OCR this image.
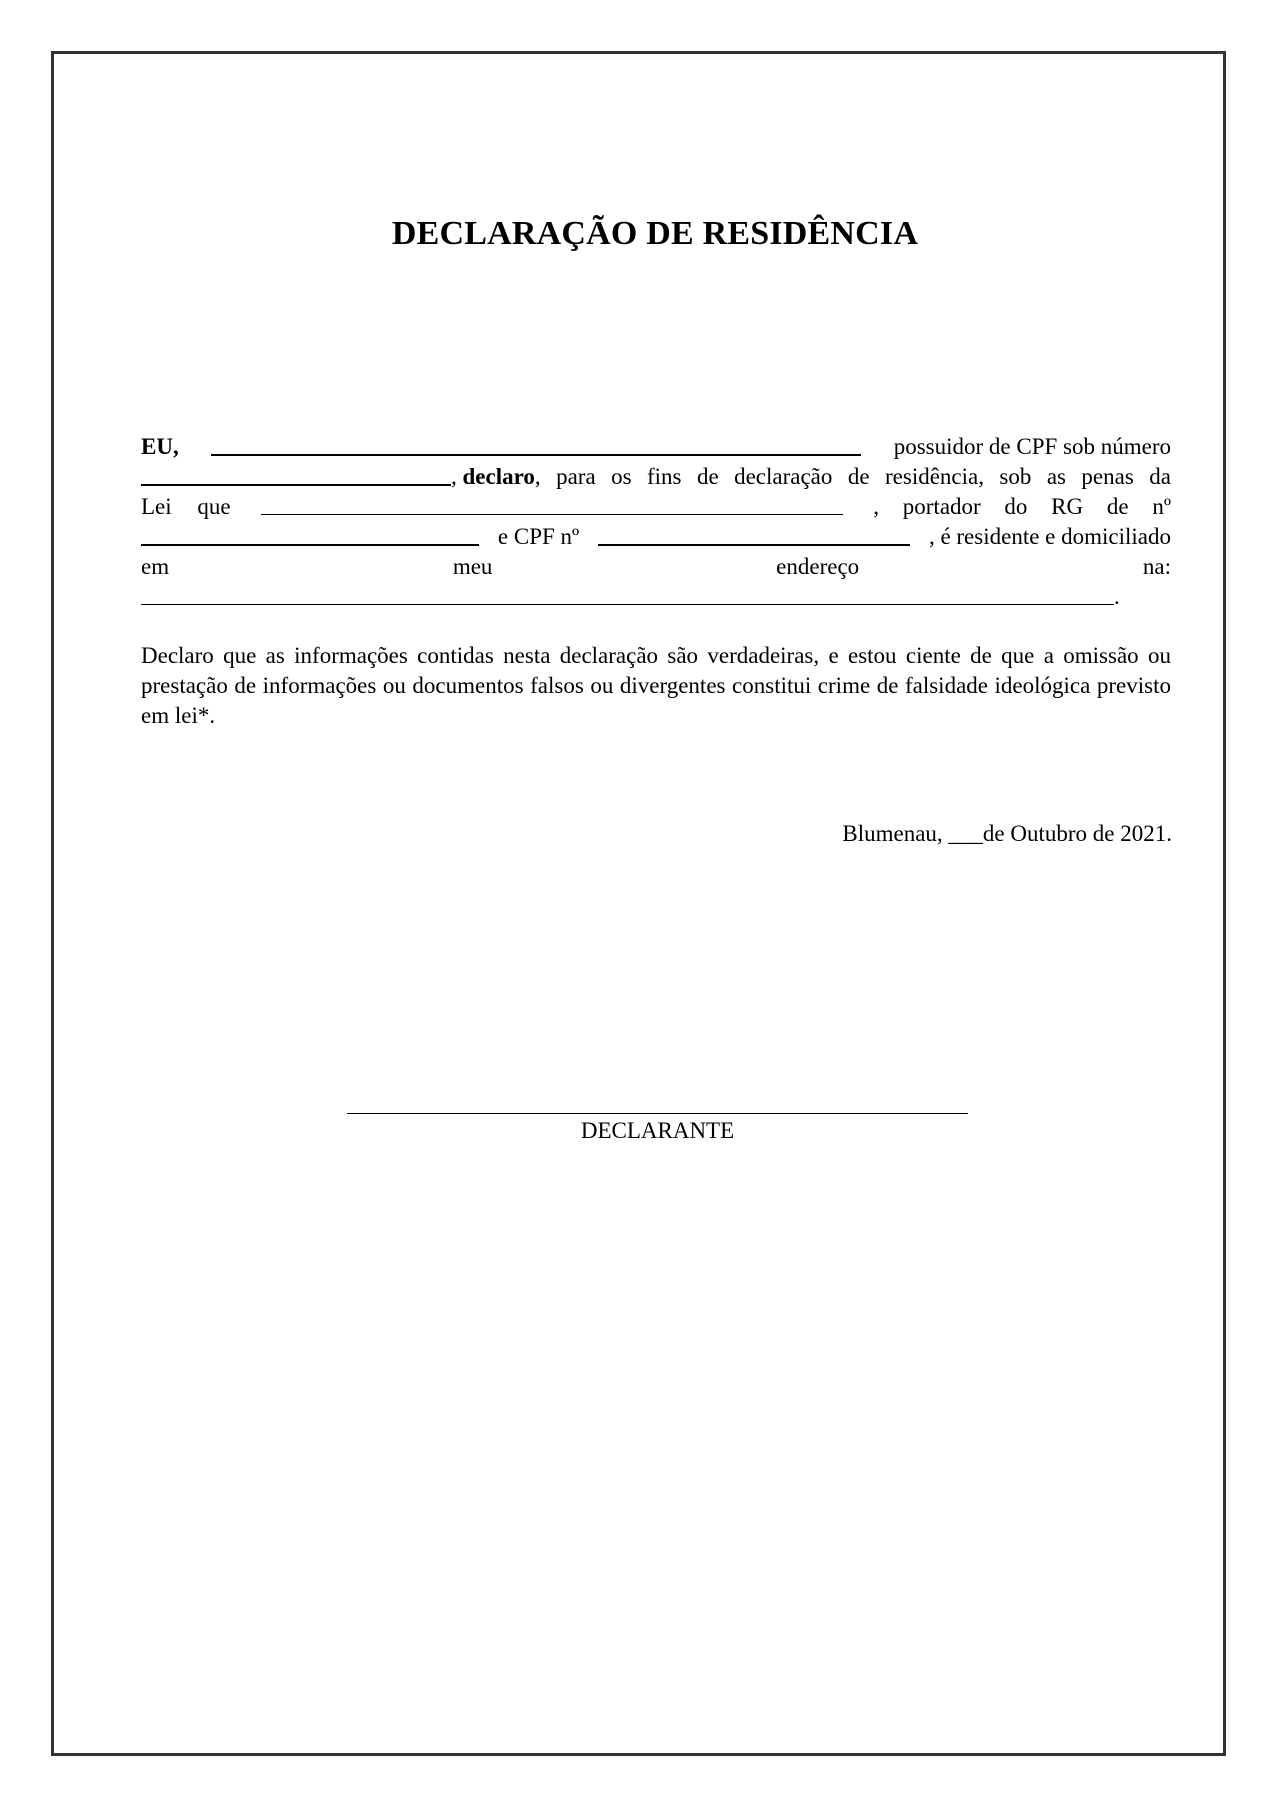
DECLARAÇÃO DE RESIDÊNCIA
EU,	possuidor de CPF sob número
,
declaro , para os fins de declaração de residência, sob as penas da
Lei que	, portador do RG de nº
e CPF nº	, é residente e domiciliado
em	meu	endereço	na:
.
Declaro que as informações contidas nesta declaração são verdadeiras, e estou ciente de que a omissão ou prestação de informações ou documentos falsos ou divergentes constitui crime de falsidade ideológica previsto em lei*.
Blumenau, ___de Outubro de 2021.
DECLARANTE
